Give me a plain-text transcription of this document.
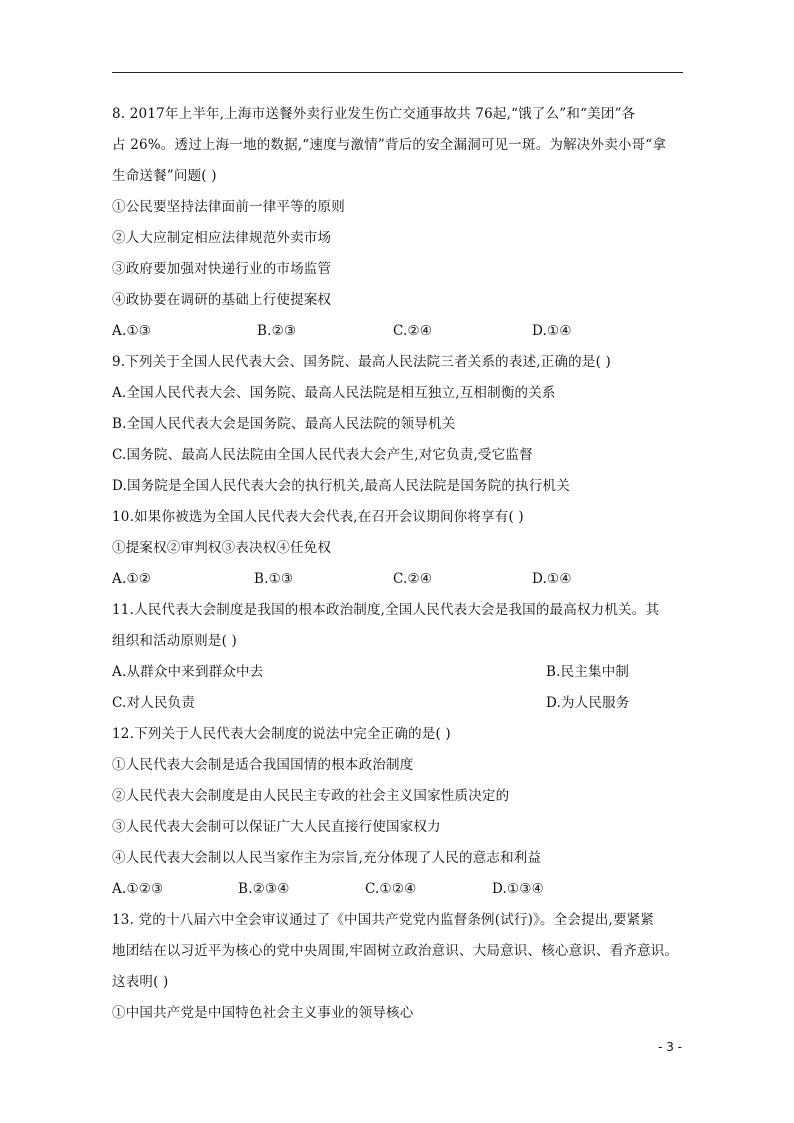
8. 2017年上半年,上海市送餐外卖行业发生伤亡交通事故共 76起,“饿了么”和“美团”各
占 26%。透过上海一地的数据,“速度与激情”背后的安全漏洞可见一斑。为解决外卖小哥“拿
生命送餐”问题( )
①公民要坚持法律面前一律平等的原则
②人大应制定相应法律规范外卖市场
③政府要加强对快递行业的市场监管
④政协要在调研的基础上行使提案权
A.①③	B.②③	C.②④	D.①④
9.下列关于全国人民代表大会、国务院、最高人民法院三者关系的表述,正确的是( )
A.全国人民代表大会、国务院、最高人民法院是相互独立,互相制衡的关系
B.全国人民代表大会是国务院、最高人民法院的领导机关
C.国务院、最高人民法院由全国人民代表大会产生,对它负责,受它监督
D.国务院是全国人民代表大会的执行机关,最高人民法院是国务院的执行机关
10.如果你被选为全国人民代表大会代表,在召开会议期间你将享有( )
①提案权②审判权③表决权④任免权
A.①②	B.①③	C.②④	D.①④
11.人民代表大会制度是我国的根本政治制度,全国人民代表大会是我国的最高权力机关。其
组织和活动原则是( )
A.从群众中来到群众中去	B.民主集中制
C.对人民负责	D.为人民服务
12.下列关于人民代表大会制度的说法中完全正确的是( )
①人民代表大会制是适合我国国情的根本政治制度
②人民代表大会制度是由人民民主专政的社会主义国家性质决定的
③人民代表大会制可以保证广大人民直接行使国家权力
④人民代表大会制以人民当家作主为宗旨,充分体现了人民的意志和利益
A.①②③	B.②③④	C.①②④	D.①③④
13. 党的十八届六中全会审议通过了《中国共产党党内监督条例(试行)》。全会提出,要紧紧
地团结在以习近平为核心的党中央周围,牢固树立政治意识、大局意识、核心意识、看齐意识。
这表明( )
①中国共产党是中国特色社会主义事业的领导核心
- 3 -
